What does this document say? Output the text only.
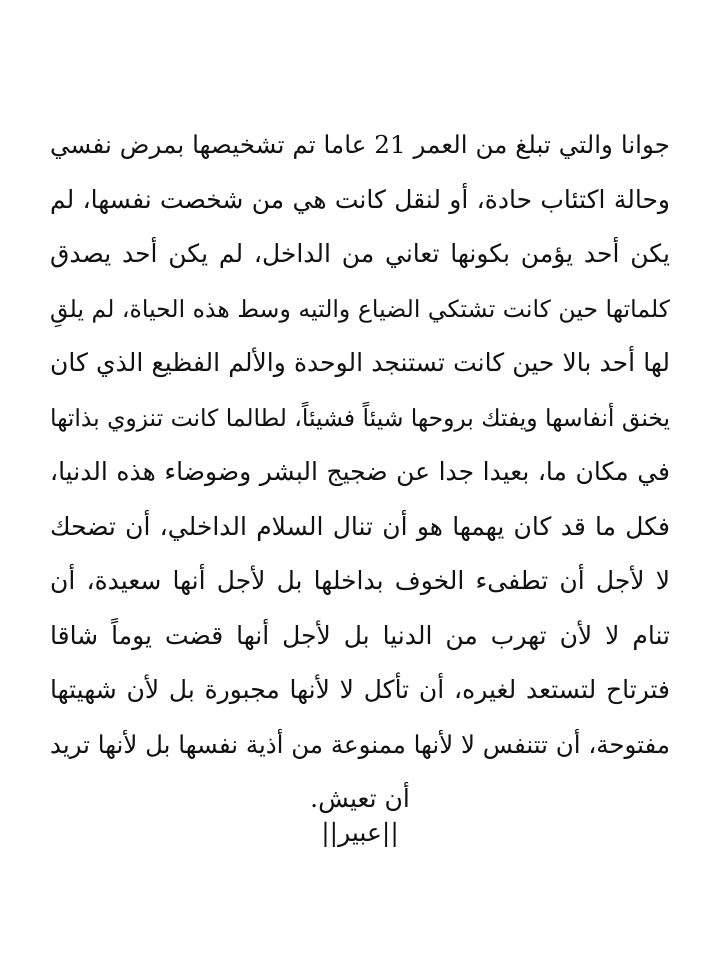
جوانا والتي تبلغ من العمر 21 عاما تم تشخيصها بمرض نفسي
وحالة اكتئاب حادة، أو لنقل كانت هي من شخصت نفسها، لم
يكن أحد يؤمن بكونها تعاني من الداخل، لم يكن أحد يصدق
كلماتها حين كانت تشتكي الضياع والتيه وسط هذه الحياة، لم يلقِ
لها أحد بالا حين كانت تستنجد الوحدة والألم الفظيع الذي كان
يخنق أنفاسها ويفتك بروحها شيئاً فشيئاً، لطالما كانت تنزوي بذاتها
في مكان ما، بعيدا جدا عن ضجيج البشر وضوضاء هذه الدنيا،
فكل ما قد كان يهمها هو أن تنال السلام الداخلي، أن تضحك
لا لأجل أن تطفىء الخوف بداخلها بل لأجل أنها سعيدة، أن
تنام لا لأن تهرب من الدنيا بل لأجل أنها قضت يوماً شاقا
فترتاح لتستعد لغيره، أن تأكل لا لأنها مجبورة بل لأن شهيتها
مفتوحة، أن تتنفس لا لأنها ممنوعة من أذية نفسها بل لأنها تريد
أن تعيش.
||عبير||
